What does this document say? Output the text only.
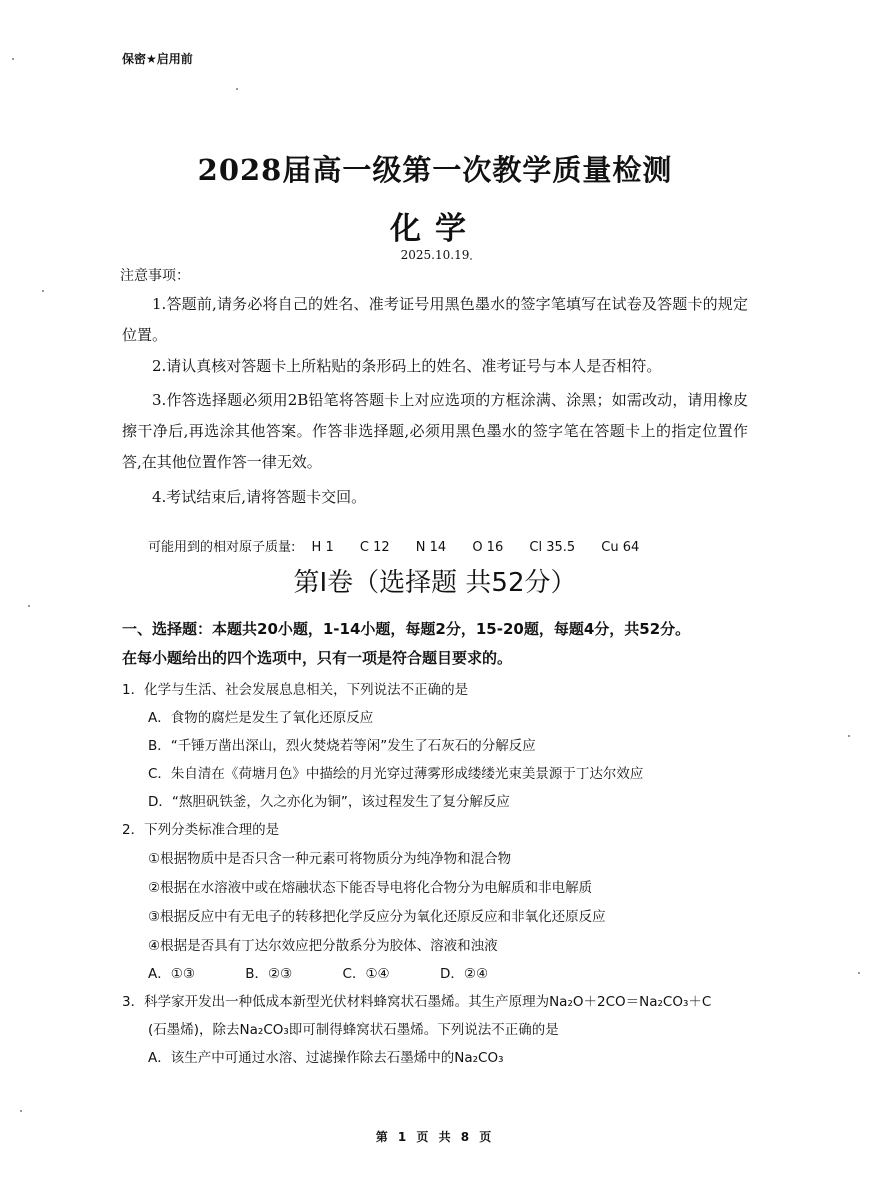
保密★启用前
2028届高一级第一次教学质量检测
化学
2025.10.19
注意事项：
1.答题前,请务必将自己的姓名、准考证号用黑色墨水的签字笔填写在试卷及答题卡的规定位置。
2.请认真核对答题卡上所粘贴的条形码上的姓名、准考证号与本人是否相符。
3.作答选择题必须用2B铅笔将答题卡上对应选项的方框涂满、涂黑；如需改动，请用橡皮擦干净后,再选涂其他答案。作答非选择题,必须用黑色墨水的签字笔在答题卡上的指定位置作答,在其他位置作答一律无效。
4.考试结束后,请将答题卡交回。
可能用到的相对原子质量: H 1 C 12 N 14 O 16 Cl 35.5 Cu 64
第I卷（选择题 共52分）
一、选择题：本题共20小题，1-14小题，每题2分，15-20题，每题4分，共52分。
在每小题给出的四个选项中，只有一项是符合题目要求的。
1．化学与生活、社会发展息息相关，下列说法不正确的是
A．食物的腐烂是发生了氧化还原反应
B．“千锤万凿出深山，烈火焚烧若等闲”发生了石灰石的分解反应
C．朱自清在《荷塘月色》中描绘的月光穿过薄雾形成缕缕光束美景源于丁达尔效应
D．“熬胆矾铁釜，久之亦化为铜”，该过程发生了复分解反应
2．下列分类标准合理的是
①根据物质中是否只含一种元素可将物质分为纯净物和混合物
②根据在水溶液中或在熔融状态下能否导电将化合物分为电解质和非电解质
③根据反应中有无电子的转移把化学反应分为氧化还原反应和非氧化还原反应
④根据是否具有丁达尔效应把分散系分为胶体、溶液和浊液
A．①③	B．②③	C．①④	D．②④
3．科学家开发出一种低成本新型光伏材料蜂窝状石墨烯。其生产原理为Na₂O＋2CO＝Na₂CO₃＋C
(石墨烯)，除去Na₂CO₃即可制得蜂窝状石墨烯。下列说法不正确的是
A．该生产中可通过水溶、过滤操作除去石墨烯中的Na₂CO₃
第 1 页 共 8 页
